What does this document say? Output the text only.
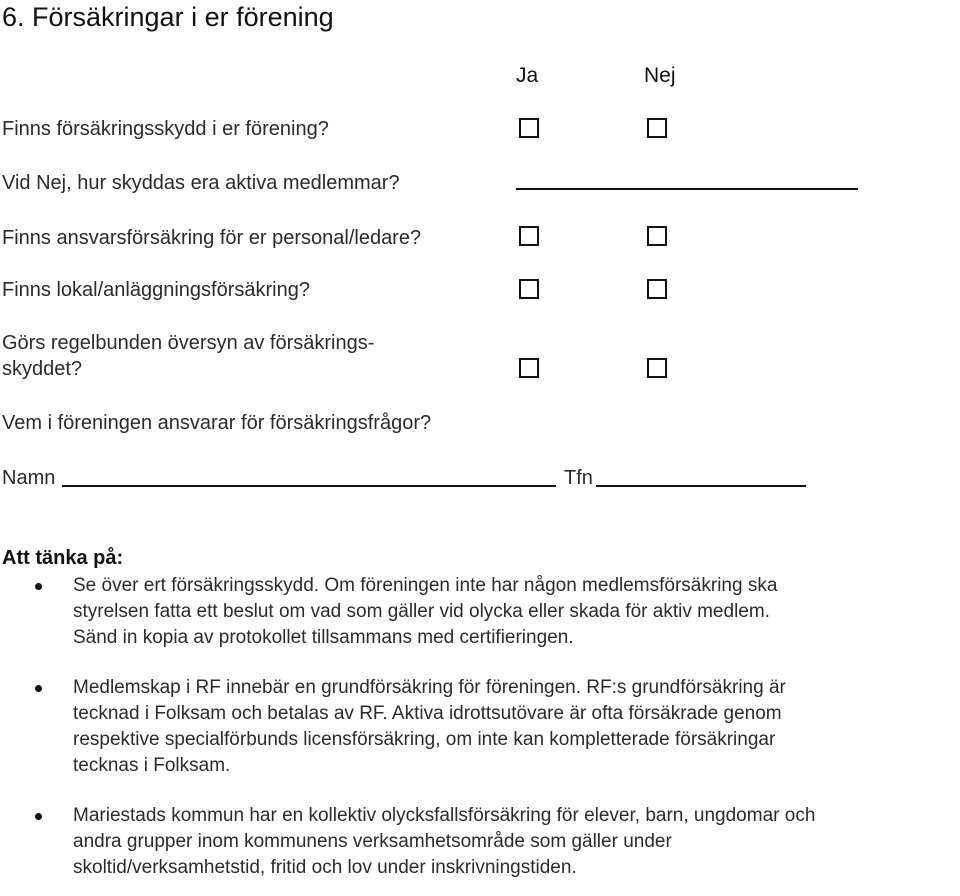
6. Försäkringar i er förening
Ja	Nej
Finns försäkringsskydd i er förening?
Vid Nej, hur skyddas era aktiva medlemmar?
Finns ansvarsförsäkring för er personal/ledare?
Finns lokal/anläggningsförsäkring?
Görs regelbunden översyn av försäkrings-
skyddet?
Vem i föreningen ansvarar för försäkringsfrågor?
Namn	Tfn
Att tänka på:
Se över ert försäkringsskydd. Om föreningen inte har någon medlemsförsäkring ska
styrelsen fatta ett beslut om vad som gäller vid olycka eller skada för aktiv medlem.
Sänd in kopia av protokollet tillsammans med certifieringen.
Medlemskap i RF innebär en grundförsäkring för föreningen. RF:s grundförsäkring är
tecknad i Folksam och betalas av RF. Aktiva idrottsutövare är ofta försäkrade genom
respektive specialförbunds licensförsäkring, om inte kan kompletterade försäkringar
tecknas i Folksam.
Mariestads kommun har en kollektiv olycksfallsförsäkring för elever, barn, ungdomar och
andra grupper inom kommunens verksamhetsområde som gäller under
skoltid/verksamhetstid, fritid och lov under inskrivningstiden.
